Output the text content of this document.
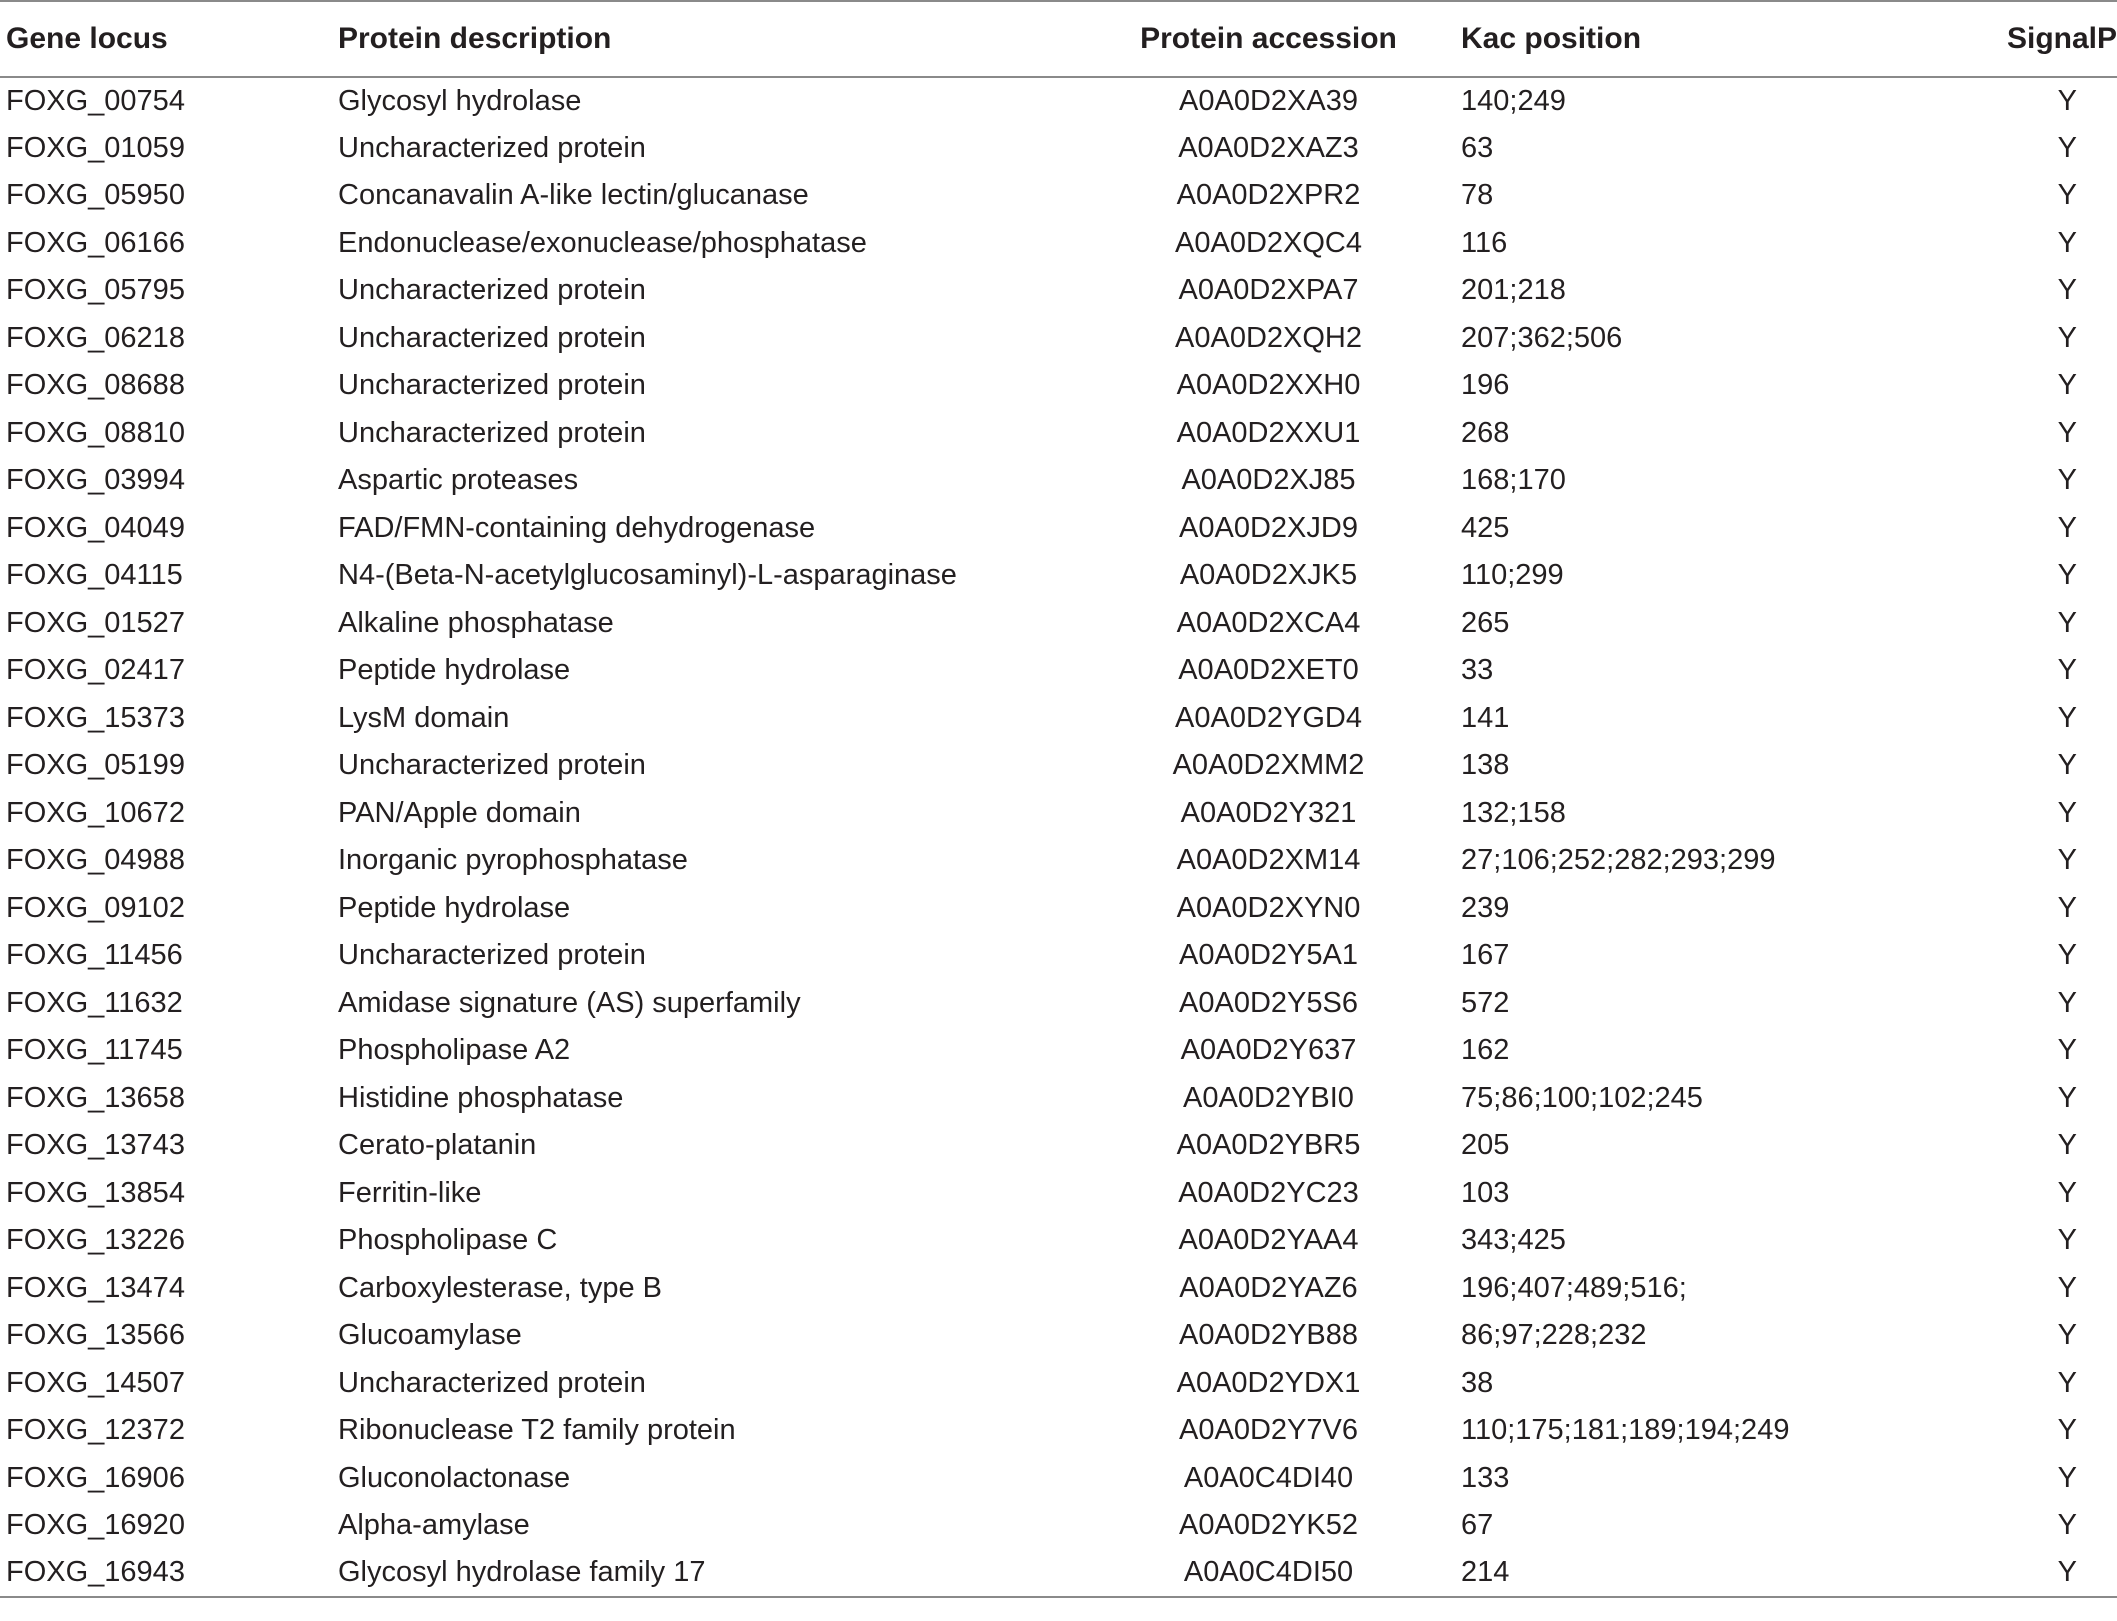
Gene locus	Protein description	Protein accession	Kac position	SignalP
FOXG_00754	Glycosyl hydrolase	A0A0D2XA39	140;249	Y
FOXG_01059	Uncharacterized protein	A0A0D2XAZ3	63	Y
FOXG_05950	Concanavalin A-like lectin/glucanase	A0A0D2XPR2	78	Y
FOXG_06166	Endonuclease/exonuclease/phosphatase	A0A0D2XQC4	116	Y
FOXG_05795	Uncharacterized protein	A0A0D2XPA7	201;218	Y
FOXG_06218	Uncharacterized protein	A0A0D2XQH2	207;362;506	Y
FOXG_08688	Uncharacterized protein	A0A0D2XXH0	196	Y
FOXG_08810	Uncharacterized protein	A0A0D2XXU1	268	Y
FOXG_03994	Aspartic proteases	A0A0D2XJ85	168;170	Y
FOXG_04049	FAD/FMN-containing dehydrogenase	A0A0D2XJD9	425	Y
FOXG_04115	N4-(Beta-N-acetylglucosaminyl)-L-asparaginase	A0A0D2XJK5	110;299	Y
FOXG_01527	Alkaline phosphatase	A0A0D2XCA4	265	Y
FOXG_02417	Peptide hydrolase	A0A0D2XET0	33	Y
FOXG_15373	LysM domain	A0A0D2YGD4	141	Y
FOXG_05199	Uncharacterized protein	A0A0D2XMM2	138	Y
FOXG_10672	PAN/Apple domain	A0A0D2Y321	132;158	Y
FOXG_04988	Inorganic pyrophosphatase	A0A0D2XM14	27;106;252;282;293;299	Y
FOXG_09102	Peptide hydrolase	A0A0D2XYN0	239	Y
FOXG_11456	Uncharacterized protein	A0A0D2Y5A1	167	Y
FOXG_11632	Amidase signature (AS) superfamily	A0A0D2Y5S6	572	Y
FOXG_11745	Phospholipase A2	A0A0D2Y637	162	Y
FOXG_13658	Histidine phosphatase	A0A0D2YBI0	75;86;100;102;245	Y
FOXG_13743	Cerato-platanin	A0A0D2YBR5	205	Y
FOXG_13854	Ferritin-like	A0A0D2YC23	103	Y
FOXG_13226	Phospholipase C	A0A0D2YAA4	343;425	Y
FOXG_13474	Carboxylesterase, type B	A0A0D2YAZ6	196;407;489;516;	Y
FOXG_13566	Glucoamylase	A0A0D2YB88	86;97;228;232	Y
FOXG_14507	Uncharacterized protein	A0A0D2YDX1	38	Y
FOXG_12372	Ribonuclease T2 family protein	A0A0D2Y7V6	110;175;181;189;194;249	Y
FOXG_16906	Gluconolactonase	A0A0C4DI40	133	Y
FOXG_16920	Alpha-amylase	A0A0D2YK52	67	Y
FOXG_16943	Glycosyl hydrolase family 17	A0A0C4DI50	214	Y
